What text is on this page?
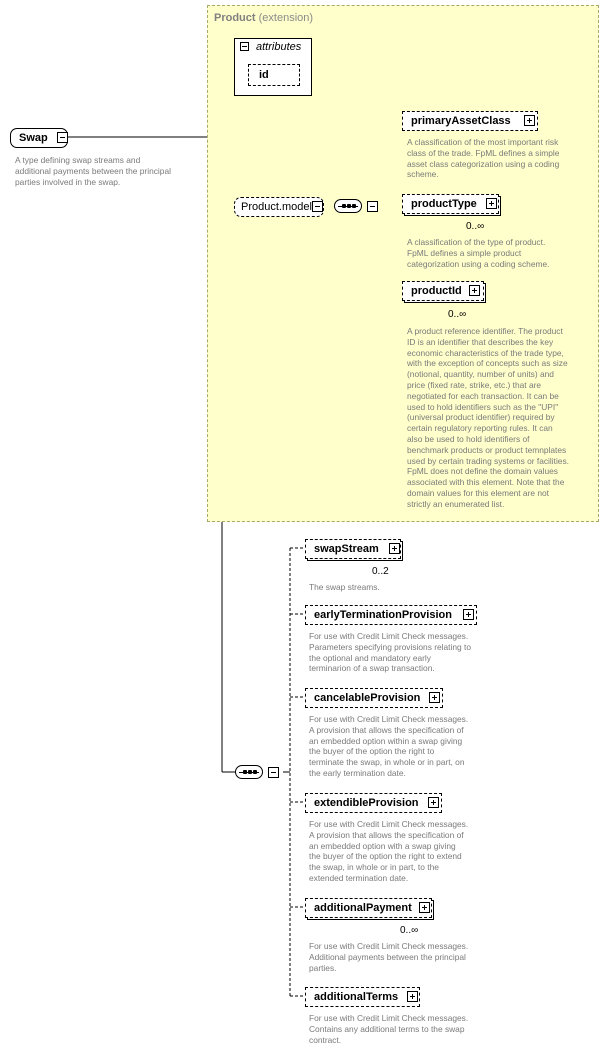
Product (extension)
attributes
id
Swap
A type defining swap streams and
additional payments between the principal
parties involved in the swap.
Product.model
primaryAssetClass
A classification of the most important risk
class of the trade. FpML defines a simple
asset class categorization using a coding
scheme.
productType
0..∞
A classification of the type of product.
FpML defines a simple product
categorization using a coding scheme.
productId
0..∞
A product reference identifier. The product
ID is an identifier that describes the key
economic characteristics of the trade type,
with the exception of concepts such as size
(notional, quantity, number of units) and
price (fixed rate, strike, etc.) that are
negotiated for each transaction. It can be
used to hold identifiers such as the "UPI"
(universal product identifier) required by
certain regulatory reporting rules. It can
also be used to hold identifiers of
benchmark products or product temnplates
used by certain trading systems or facilities.
FpML does not define the domain values
associated with this element. Note that the
domain values for this element are not
strictly an enumerated list.
swapStream
0..2
The swap streams.
earlyTerminationProvision
For use with Credit Limit Check messages.
Parameters specifying provisions relating to
the optional and mandatory early
terminarion of a swap transaction.
cancelableProvision
For use with Credit Limit Check messages.
A provision that allows the specification of
an embedded option within a swap giving
the buyer of the option the right to
terminate the swap, in whole or in part, on
the early termination date.
extendibleProvision
For use with Credit Limit Check messages.
A provision that allows the specification of
an embedded option with a swap giving
the buyer of the option the right to extend
the swap, in whole or in part, to the
extended termination date.
additionalPayment
0..∞
For use with Credit Limit Check messages.
Additional payments between the principal
parties.
additionalTerms
For use with Credit Limit Check messages.
Contains any additional terms to the swap
contract.
